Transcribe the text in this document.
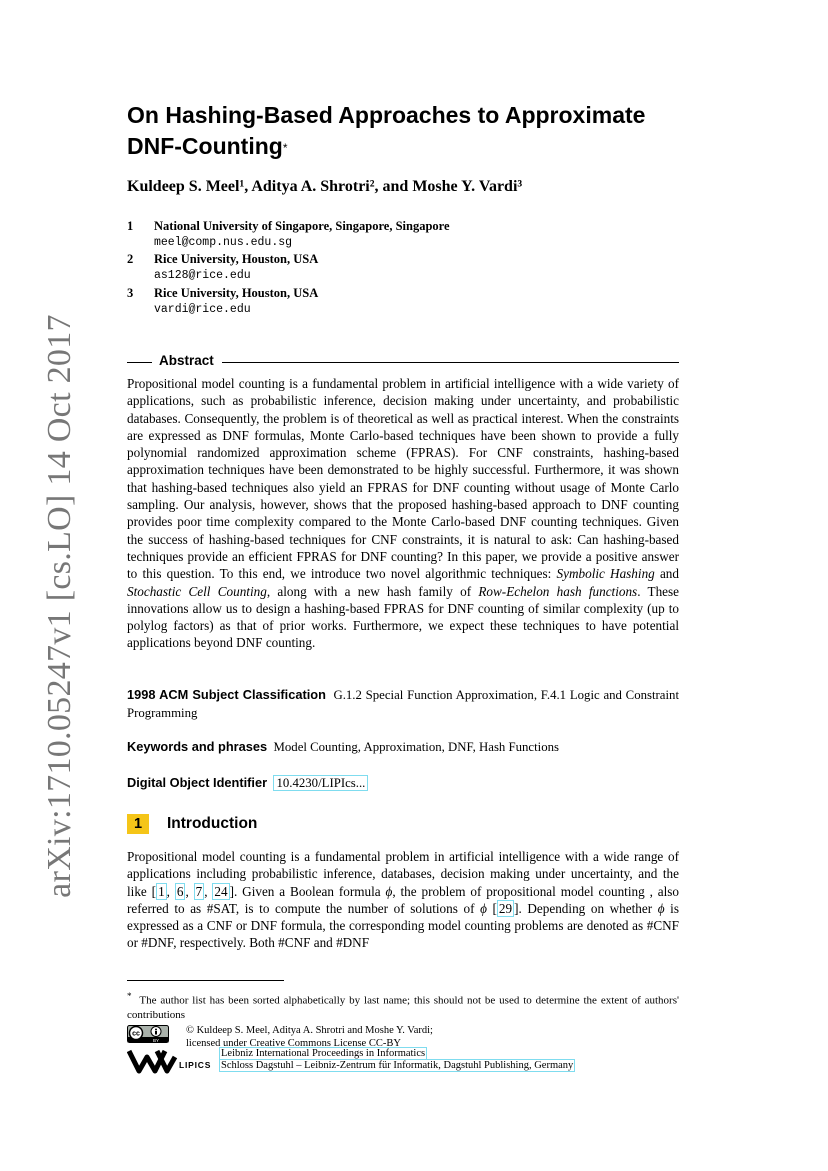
arXiv:1710.05247v1 [cs.LO] 14 Oct 2017
On Hashing-Based Approaches to Approximate DNF-Counting*
Kuldeep S. Meel¹, Aditya A. Shrotri², and Moshe Y. Vardi³
1 National University of Singapore, Singapore, Singapore
meel@comp.nus.edu.sg
2 Rice University, Houston, USA
as128@rice.edu
3 Rice University, Houston, USA
vardi@rice.edu
Abstract
Propositional model counting is a fundamental problem in artificial intelligence with a wide variety of applications, such as probabilistic inference, decision making under uncertainty, and probabilistic databases. Consequently, the problem is of theoretical as well as practical interest. When the constraints are expressed as DNF formulas, Monte Carlo-based techniques have been shown to provide a fully polynomial randomized approximation scheme (FPRAS). For CNF constraints, hashing-based approximation techniques have been demonstrated to be highly successful. Furthermore, it was shown that hashing-based techniques also yield an FPRAS for DNF counting without usage of Monte Carlo sampling. Our analysis, however, shows that the proposed hashing-based approach to DNF counting provides poor time complexity compared to the Monte Carlo-based DNF counting techniques. Given the success of hashing-based techniques for CNF constraints, it is natural to ask: Can hashing-based techniques provide an efficient FPRAS for DNF counting? In this paper, we provide a positive answer to this question. To this end, we introduce two novel algorithmic techniques: Symbolic Hashing and Stochastic Cell Counting, along with a new hash family of Row-Echelon hash functions. These innovations allow us to design a hashing-based FPRAS for DNF counting of similar complexity (up to polylog factors) as that of prior works. Furthermore, we expect these techniques to have potential applications beyond DNF counting.
1998 ACM Subject Classification G.1.2 Special Function Approximation, F.4.1 Logic and Constraint Programming
Keywords and phrases Model Counting, Approximation, DNF, Hash Functions
Digital Object Identifier 10.4230/LIPIcs...
1	Introduction
Propositional model counting is a fundamental problem in artificial intelligence with a wide range of applications including probabilistic inference, databases, decision making under uncertainty, and the like [ 1 , 6 , 7 , 24 ]. Given a Boolean formula ϕ, the problem of propositional model counting , also referred to as #SAT, is to compute the number of solutions of ϕ [ 29 ]. Depending on whether ϕ is expressed as a CNF or DNF formula, the corresponding model counting problems are denoted as #CNF or #DNF, respectively. Both #CNF and #DNF
* The author list has been sorted alphabetically by last name; this should not be used to determine the extent of authors' contributions
cc
BY
© Kuldeep S. Meel, Aditya A. Shrotri and Moshe Y. Vardi;
licensed under Creative Commons License CC-BY
LIPICS
Leibniz International Proceedings in Informatics
Schloss Dagstuhl – Leibniz-Zentrum für Informatik, Dagstuhl Publishing, Germany
